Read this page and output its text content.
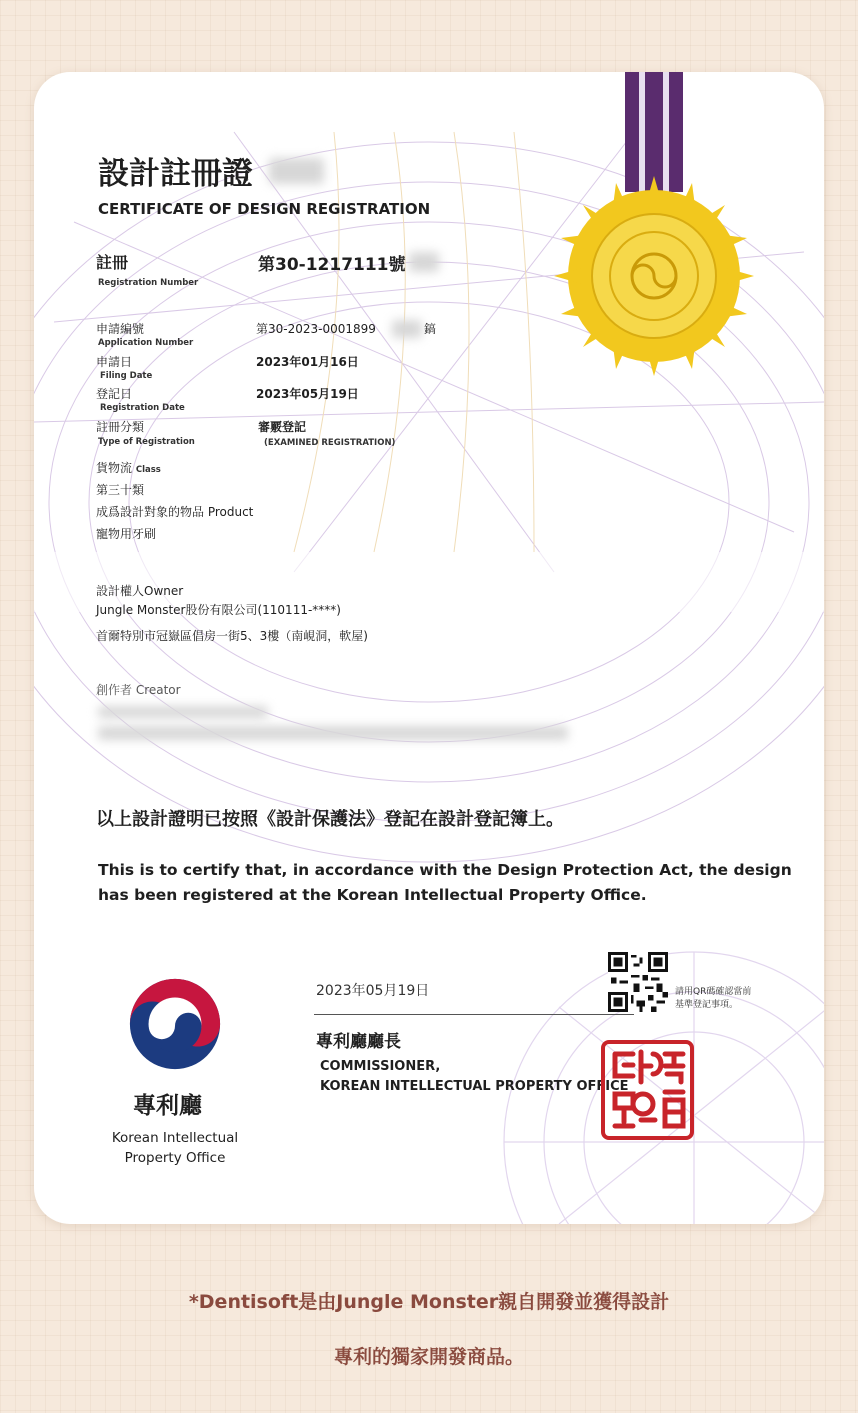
設計註冊證

CERTIFICATE OF DESIGN REGISTRATION

註冊

Registration Number

第30-1217111號

申請編號

Application Number

第30-2023-0001899	鎬

申請日

Filing Date

2023年01月16日

登記日

Registration Date

2023年05月19日

註冊分類

Type of Registration

審覈登記

(EXAMINED REGISTRATION)

貨物流 Class

第三十類

成爲設計對象的物品 Product

寵物用牙刷

設計權人Owner

Jungle Monster股份有限公司(110111-****)

首爾特別市冠嶽區倡房一街5、3樓（南峴洞，軟屋)

創作者 Creator

以上設計證明已按照《設計保護法》登記在設計登記簿上。

This is to certify that, in accordance with the Design Protection Act, the design

has been registered at the Korean Intellectual Property Office.

專利廳

Korean Intellectual

Property Office

2023年05月19日

專利廳廳長

COMMISSIONER,

KOREAN INTELLECTUAL PROPERTY OFFICE

請用QR碼確認當前

基準登記事項。

*Dentisoft是由Jungle Monster親自開發並獲得設計

專利的獨家開發商品。
